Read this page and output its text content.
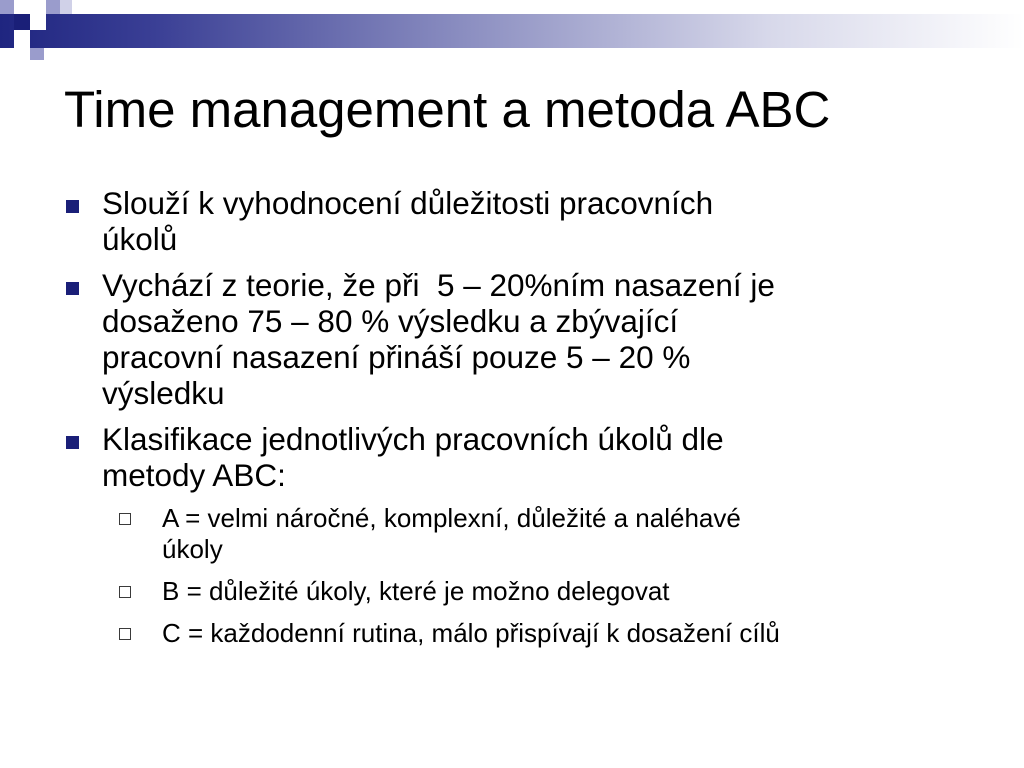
Time management a metoda ABC
Slouží k vyhodnocení důležitosti pracovních
úkolů
Vychází z teorie, že při  5 – 20%ním nasazení je
dosaženo 75 – 80 % výsledku a zbývající
pracovní nasazení přináší pouze 5 – 20 %
výsledku
Klasifikace jednotlivých pracovních úkolů dle
metody ABC:
A = velmi náročné, komplexní, důležité a naléhavé
úkoly
B = důležité úkoly, které je možno delegovat
C = každodenní rutina, málo přispívají k dosažení cílů
